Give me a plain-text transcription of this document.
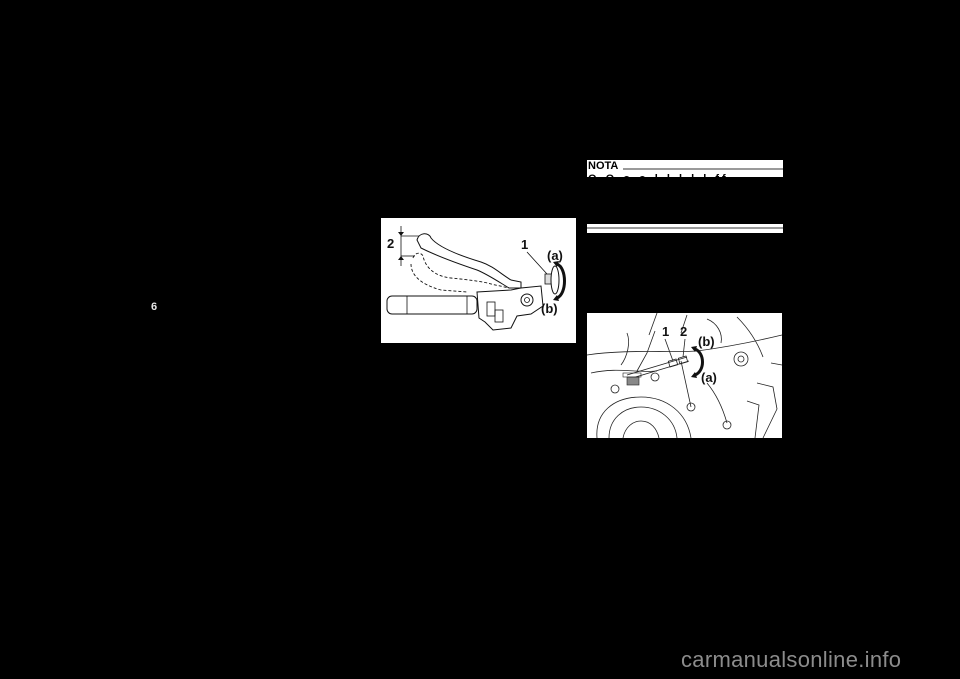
6
2	1
(a)
(b)
NOTA
O O o o l l l l l ff
1 2
(b)
(a)
carmanualsonline.info
